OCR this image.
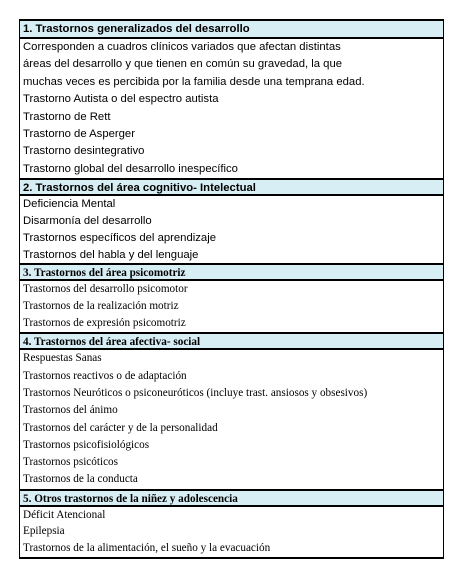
1. Trastornos generalizados del desarrollo
Corresponden a cuadros clínicos variados que afectan distintas
áreas del desarrollo y que tienen en común su gravedad, la que
muchas veces es percibida por la familia desde una temprana edad.
Trastorno Autista o del espectro autista
Trastorno de Rett
Trastorno de Asperger
Trastorno desintegrativo
Trastorno global del desarrollo inespecífico
2. Trastornos del área cognitivo- Intelectual
Deficiencia Mental
Disarmonía del desarrollo
Trastornos específicos del aprendizaje
Trastornos del habla y del lenguaje
3. Trastornos del área psicomotriz
Trastornos del desarrollo psicomotor
Trastornos de la realización motriz
Trastornos de expresión psicomotriz
4. Trastornos del área afectiva- social
Respuestas Sanas
Trastornos reactivos o de adaptación
Trastornos Neuróticos o psiconeuróticos (incluye trast. ansiosos y obsesivos)
Trastornos del ánimo
Trastornos del carácter y de la personalidad
Trastornos psicofisiológicos
Trastornos psicóticos
Trastornos de la conducta
5. Otros trastornos de la niñez y adolescencia
Déficit Atencional
Epilepsia
Trastornos de la alimentación, el sueño y la evacuación
